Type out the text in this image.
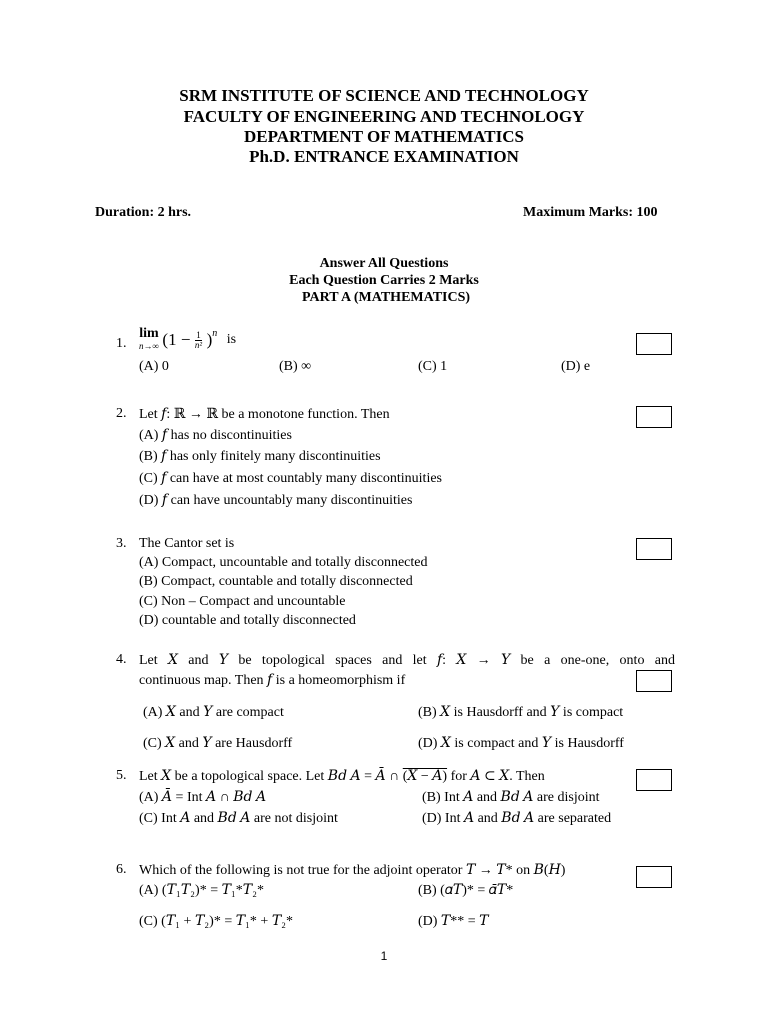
SRM INSTITUTE OF SCIENCE AND TECHNOLOGY
FACULTY OF ENGINEERING AND TECHNOLOGY
DEPARTMENT OF MATHEMATICS
Ph.D. ENTRANCE EXAMINATION
Duration: 2 hrs.	Maximum Marks: 100
Answer All Questions
Each Question Carries 2 Marks
PART A (MATHEMATICS)
1.
lim
n→∞ $(1 - \frac{1}{\text{n²}} )^n$ is
(A) 0	(B) ∞	(C) 1	(D) e
2. Let 𝑓: ℝ → ℝ be a monotone function. Then
(A) 𝑓 has no discontinuities
(B) 𝑓 has only finitely many discontinuities
(C) 𝑓 can have at most countably many discontinuities
(D) 𝑓 can have uncountably many discontinuities
3. The Cantor set is
(A) Compact, uncountable and totally disconnected
(B) Compact, countable and totally disconnected
(C) Non – Compact and uncountable
(D) countable and totally disconnected
4. Let 𝑋 and 𝑌 be topological spaces and let 𝑓: 𝑋 → 𝑌 be a one-one, onto and
continuous map. Then 𝑓 is a homeomorphism if
(A) 𝑋 and 𝑌 are compact	(B) 𝑋 is Hausdorff and 𝑌 is compact
(C) 𝑋 and 𝑌 are Hausdorff	(D) 𝑋 is compact and 𝑌 is Hausdorff
5. Let 𝑋 be a topological space. Let 𝐵𝑑 𝐴 = 𝐴̄ ∩ (𝑋 − 𝐴) for 𝐴 ⊂ 𝑋. Then
(A) 𝐴̄ = Int 𝐴 ∩ 𝐵𝑑 𝐴	(B) Int 𝐴 and 𝐵𝑑 𝐴 are disjoint
(C) Int 𝐴 and 𝐵𝑑 𝐴 are not disjoint	(D) Int 𝐴 and 𝐵𝑑 𝐴 are separated
6. Which of the following is not true for the adjoint operator 𝑇 → 𝑇* on 𝐵(𝐻)
(A) (𝑇₁𝑇₂)* = 𝑇₁*𝑇₂*	(B) (𝛼𝑇)* = 𝛼̄𝑇*
(C) (𝑇₁ + 𝑇₂)* = 𝑇₁* + 𝑇₂*	(D) 𝑇** = 𝑇
1
